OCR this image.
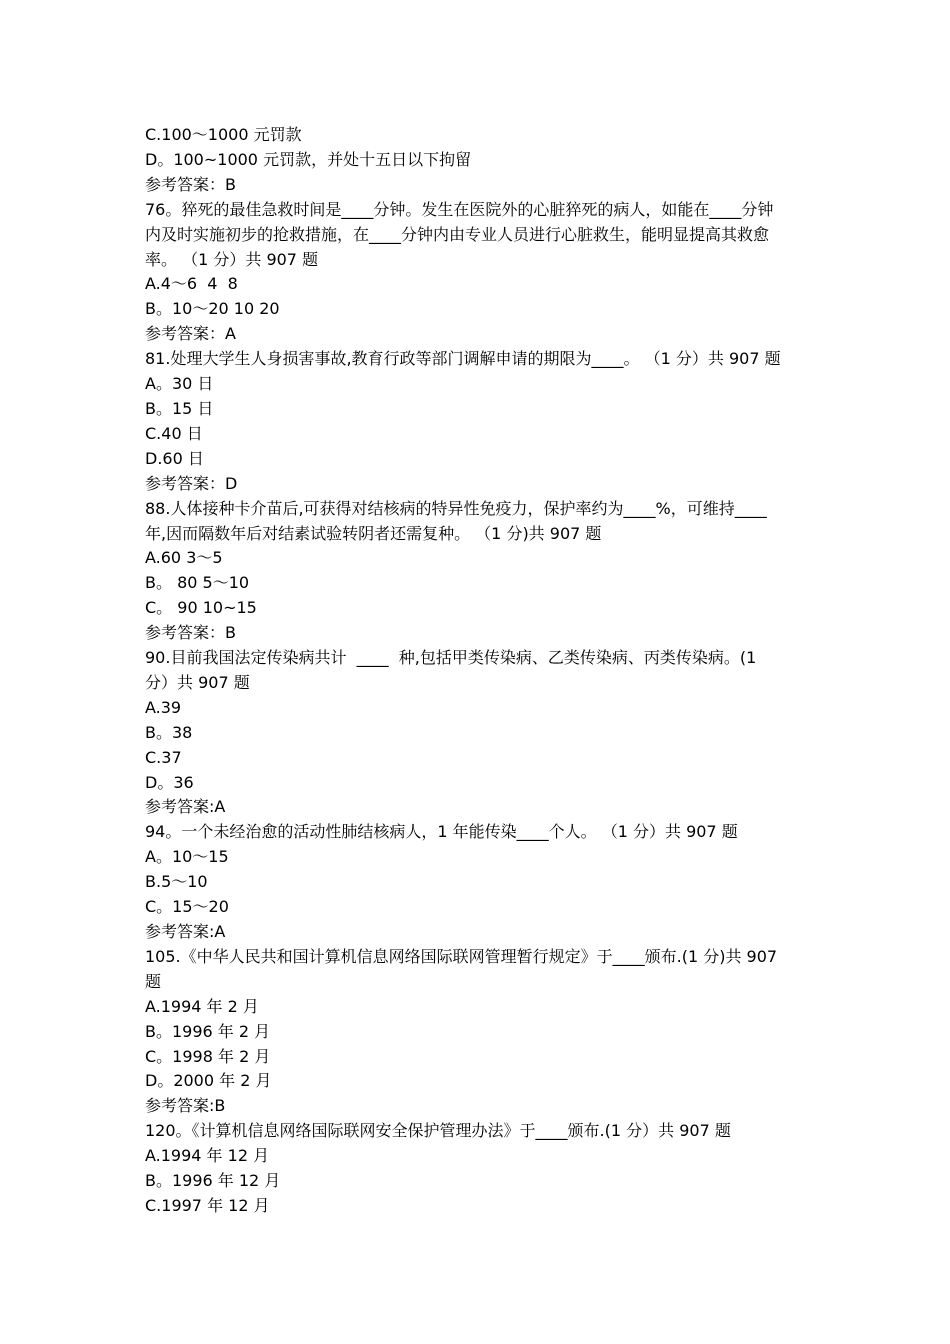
C.100～1000 元罚款

D。100~1000 元罚款，并处十五日以下拘留

参考答案：B

76。猝死的最佳急救时间是____分钟。发生在医院外的心脏猝死的病人，如能在____分钟

内及时实施初步的抢救措施，在____分钟内由专业人员进行心脏救生，能明显提高其救愈

率。 （1 分）共 907 题

A.4～6  4  8

B。10～20 10 20

参考答案：A

81.处理大学生人身损害事故,教育行政等部门调解申请的期限为____。 （1 分）共 907 题

A。30 日

B。15 日

C.40 日

D.60 日

参考答案：D

88.人体接种卡介苗后,可获得对结核病的特异性免疫力，保护率约为____%，可维持____

年,因而隔数年后对结素试验转阴者还需复种。 （1 分)共 907 题

A.60 3～5

B。 80 5～10

C。 90 10~15

参考答案：B

90.目前我国法定传染病共计  ____  种,包括甲类传染病、乙类传染病、丙类传染病。(1

分）共 907 题

A.39

B。38

C.37

D。36

参考答案:A

94。一个未经治愈的活动性肺结核病人，1 年能传染____个人。 （1 分）共 907 题

A。10～15

B.5～10

C。15～20

参考答案:A

105.《中华人民共和国计算机信息网络国际联网管理暂行规定》于____颁布.(1 分)共 907

题

A.1994 年 2 月

B。1996 年 2 月

C。1998 年 2 月

D。2000 年 2 月

参考答案:B

120。《计算机信息网络国际联网安全保护管理办法》于____颁布.(1 分）共 907 题

A.1994 年 12 月

B。1996 年 12 月

C.1997 年 12 月
